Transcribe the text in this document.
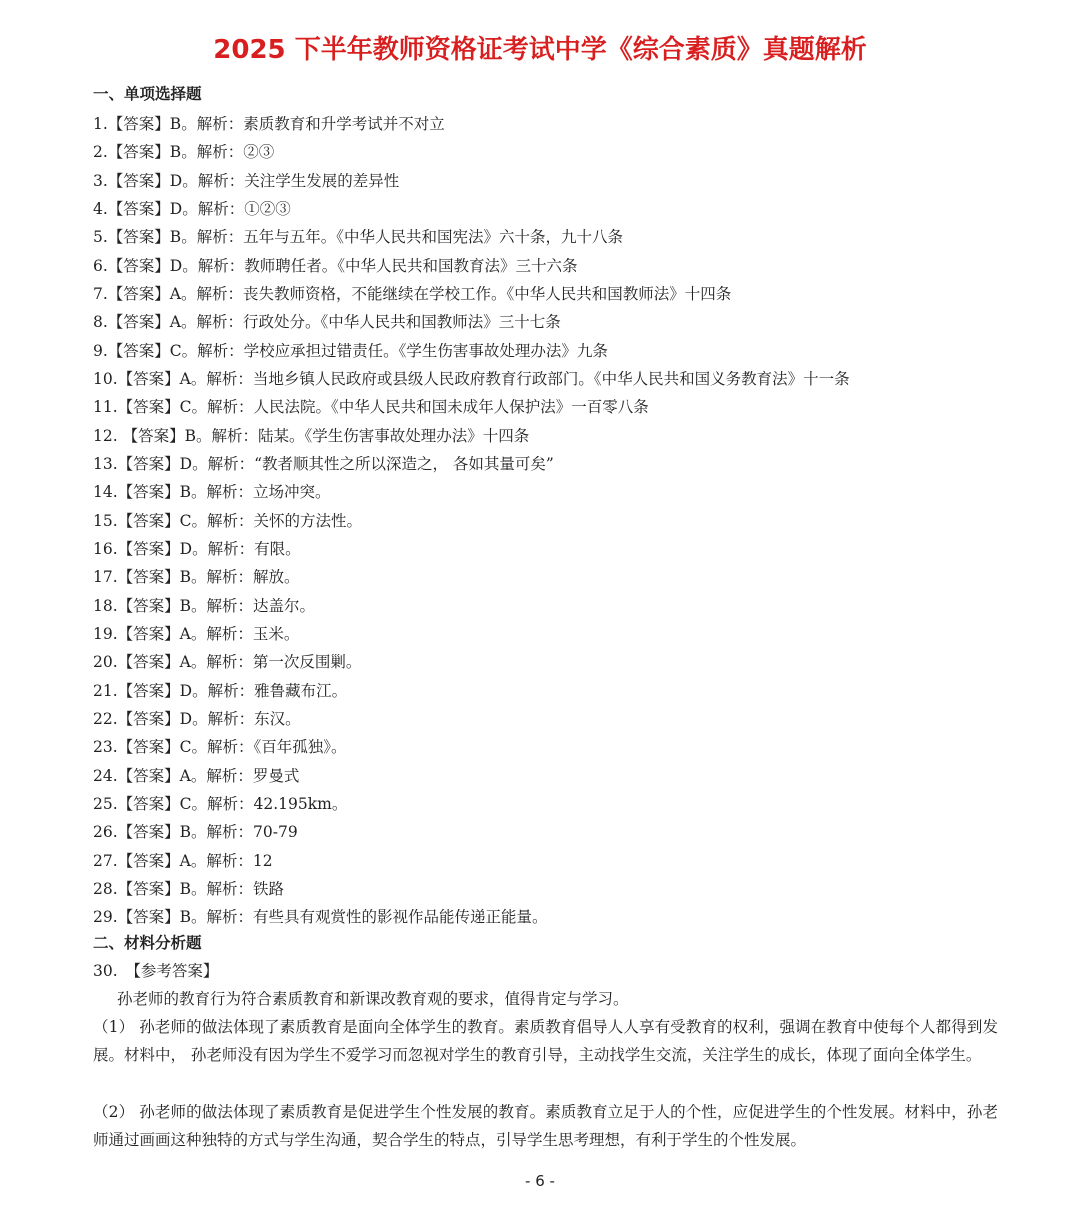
2025 下半年教师资格证考试中学《综合素质》真题解析
一、单项选择题
1.【答案】B。解析：素质教育和升学考试并不对立
2.【答案】B。解析：②③
3.【答案】D。解析：关注学生发展的差异性
4.【答案】D。解析：①②③
5.【答案】B。解析：五年与五年。《中华人民共和国宪法》六十条，九十八条
6.【答案】D。解析：教师聘任者。《中华人民共和国教育法》三十六条
7.【答案】A。解析：丧失教师资格，不能继续在学校工作。《中华人民共和国教师法》十四条
8.【答案】A。解析：行政处分。《中华人民共和国教师法》三十七条
9.【答案】C。解析：学校应承担过错责任。《学生伤害事故处理办法》九条
10.【答案】A。解析：当地乡镇人民政府或县级人民政府教育行政部门。《中华人民共和国义务教育法》十一条
11.【答案】C。解析：人民法院。《中华人民共和国未成年人保护法》一百零八条
12. 【答案】B。解析：陆某。《学生伤害事故处理办法》十四条
13.【答案】D。解析：“教者顺其性之所以深造之， 各如其量可矣”
14.【答案】B。解析：立场冲突。
15.【答案】C。解析：关怀的方法性。
16.【答案】D。解析：有限。
17.【答案】B。解析：解放。
18.【答案】B。解析：达盖尔。
19.【答案】A。解析：玉米。
20.【答案】A。解析：第一次反围剿。
21.【答案】D。解析：雅鲁藏布江。
22.【答案】D。解析：东汉。
23.【答案】C。解析：《百年孤独》。
24.【答案】A。解析：罗曼式
25.【答案】C。解析：42.195km。
26.【答案】B。解析：70-79
27.【答案】A。解析：12
28.【答案】B。解析：铁路
29.【答案】B。解析：有些具有观赏性的影视作品能传递正能量。
二、材料分析题
30.　【参考答案】
孙老师的教育行为符合素质教育和新课改教育观的要求，值得肯定与学习。
（1） 孙老师的做法体现了素质教育是面向全体学生的教育。素质教育倡导人人享有受教育的权利，强调在教育中使每个人都得到发展。材料中， 孙老师没有因为学生不爱学习而忽视对学生的教育引导，主动找学生交流，关注学生的成长，体现了面向全体学生。
（2） 孙老师的做法体现了素质教育是促进学生个性发展的教育。素质教育立足于人的个性，应促进学生的个性发展。材料中，孙老师通过画画这种独特的方式与学生沟通，契合学生的特点，引导学生思考理想，有利于学生的个性发展。
- 6 -
